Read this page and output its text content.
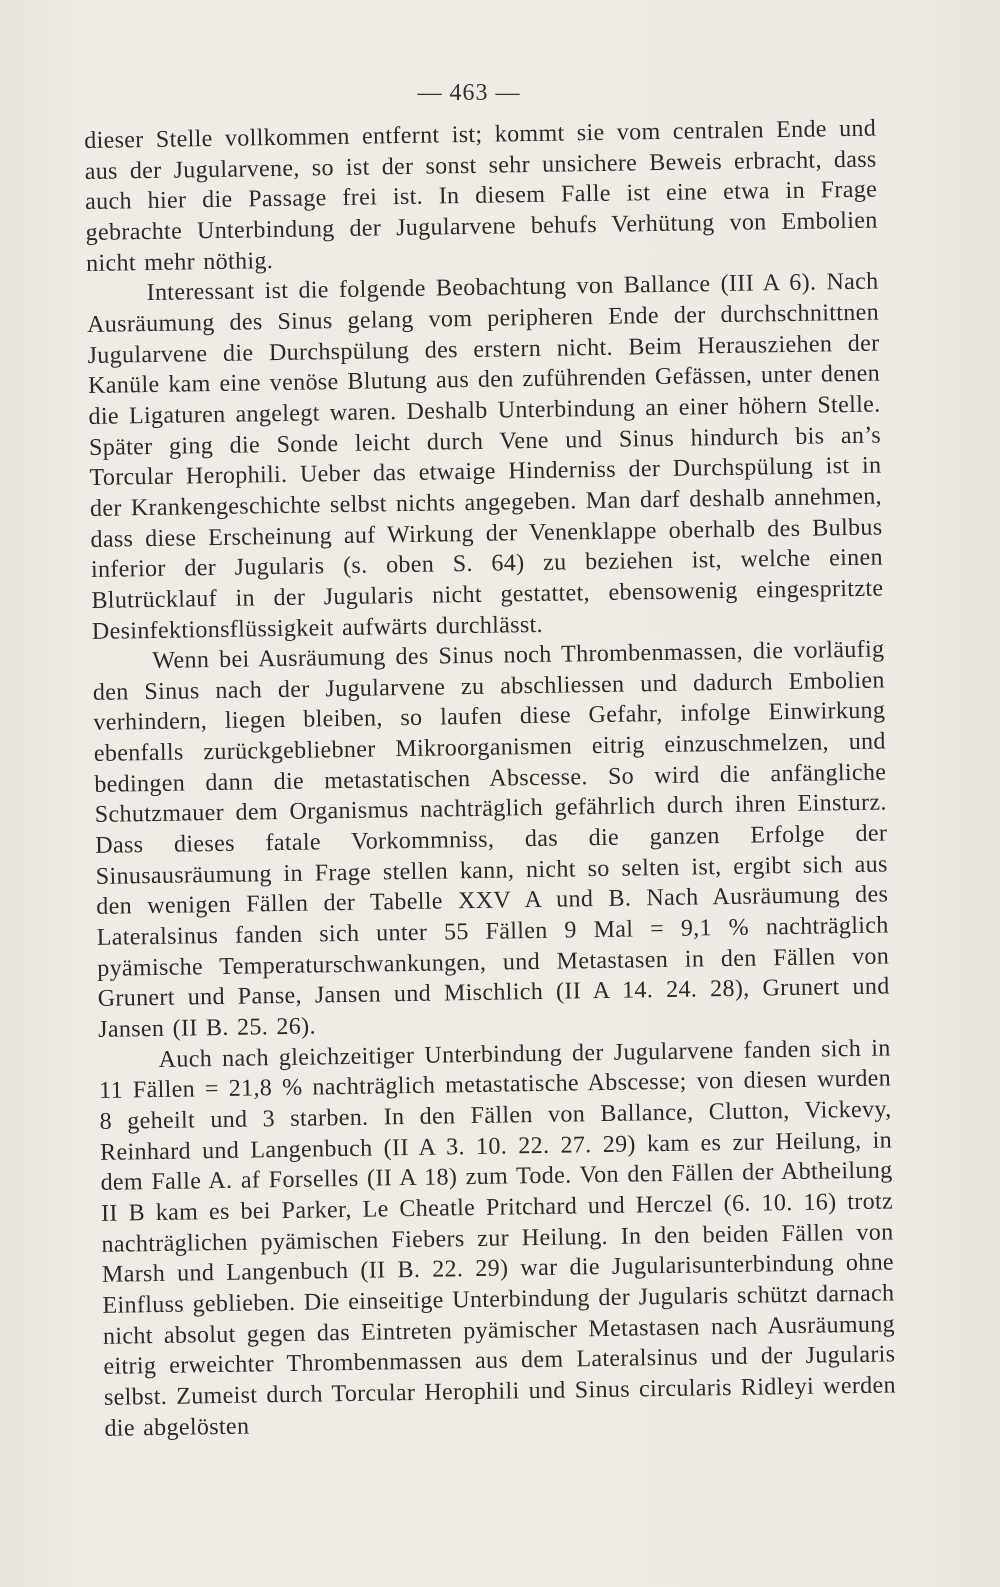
— 463 —

dieser Stelle vollkommen entfernt ist; kommt sie vom centralen Ende und aus der Jugularvene, so ist der sonst sehr unsichere Beweis erbracht, dass auch hier die Passage frei ist. In diesem Falle ist eine etwa in Frage gebrachte Unterbindung der Jugularvene behufs Verhütung von Embolien nicht mehr nöthig.

Interessant ist die folgende Beobachtung von Ballance (III A 6). Nach Ausräumung des Sinus gelang vom peripheren Ende der durchschnittnen Jugularvene die Durchspülung des erstern nicht. Beim Herausziehen der Kanüle kam eine venöse Blutung aus den zuführenden Gefässen, unter denen die Ligaturen angelegt waren. Deshalb Unterbindung an einer höhern Stelle. Später ging die Sonde leicht durch Vene und Sinus hindurch bis an’s Torcular Herophili. Ueber das etwaige Hinderniss der Durchspülung ist in der Krankengeschichte selbst nichts angegeben. Man darf deshalb annehmen, dass diese Erscheinung auf Wirkung der Venenklappe oberhalb des Bulbus inferior der Jugularis (s. oben S. 64) zu beziehen ist, welche einen Blutrücklauf in der Jugularis nicht gestattet, ebensowenig eingespritzte Desinfektionsflüssigkeit aufwärts durchlässt.

Wenn bei Ausräumung des Sinus noch Thrombenmassen, die vorläufig den Sinus nach der Jugularvene zu abschliessen und dadurch Embolien verhindern, liegen bleiben, so laufen diese Gefahr, infolge Einwirkung ebenfalls zurückgebliebner Mikroorganismen eitrig einzuschmelzen, und bedingen dann die metastatischen Abscesse. So wird die anfängliche Schutzmauer dem Organismus nachträglich gefährlich durch ihren Einsturz. Dass dieses fatale Vorkommniss, das die ganzen Erfolge der Sinusausräumung in Frage stellen kann, nicht so selten ist, ergibt sich aus den wenigen Fällen der Tabelle XXV A und B. Nach Ausräumung des Lateralsinus fanden sich unter 55 Fällen 9 Mal = 9,1 % nachträglich pyämische Temperaturschwankungen, und Metastasen in den Fällen von Grunert und Panse, Jansen und Mischlich (II A 14. 24. 28), Grunert und Jansen (II B. 25. 26).

Auch nach gleichzeitiger Unterbindung der Jugularvene fanden sich in 11 Fällen = 21,8 % nachträglich metastatische Abscesse; von diesen wurden 8 geheilt und 3 starben. In den Fällen von Ballance, Clutton, Vickevy, Reinhard und Langenbuch (II A 3. 10. 22. 27. 29) kam es zur Heilung, in dem Falle A. af Forselles (II A 18) zum Tode. Von den Fällen der Abtheilung II B kam es bei Parker, Le Cheatle Pritchard und Herczel (6. 10. 16) trotz nachträglichen pyämischen Fiebers zur Heilung. In den beiden Fällen von Marsh und Langenbuch (II B. 22. 29) war die Jugularisunterbindung ohne Einfluss geblieben. Die einseitige Unterbindung der Jugularis schützt darnach nicht absolut gegen das Eintreten pyämischer Metastasen nach Ausräumung eitrig erweichter Thrombenmassen aus dem Lateralsinus und der Jugularis selbst. Zumeist durch Torcular Herophili und Sinus circularis Ridleyi werden die abgelösten
